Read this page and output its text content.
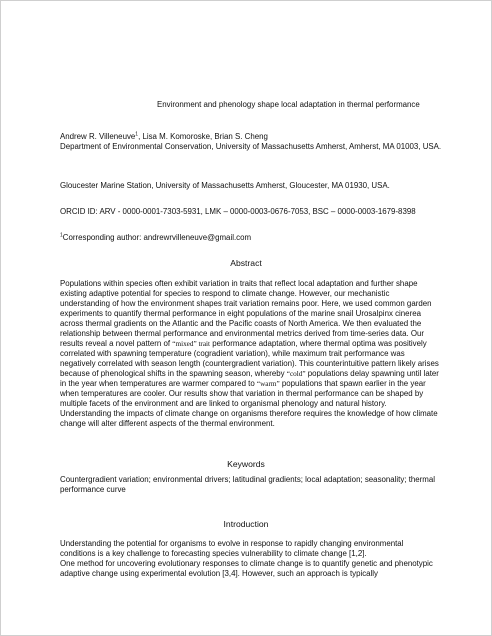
Environment and phenology shape local adaptation in thermal performance
Andrew R. Villeneuve$^1$, Lisa M. Komoroske, Brian S. Cheng
Department of Environmental Conservation, University of Massachusetts Amherst, Amherst, MA 01003, USA.
Gloucester Marine Station, University of Massachusetts Amherst, Gloucester, MA 01930, USA.
ORCID ID: ARV - 0000-0001-7303-5931, LMK – 0000-0003-0676-7053, BSC – 0000-0003-1679-8398
$^1$Corresponding author: andrewrvilleneuve@gmail.com
Abstract
Populations within species often exhibit variation in traits that reflect local adaptation and further shape existing adaptive potential for species to respond to climate change. However, our mechanistic understanding of how the environment shapes trait variation remains poor. Here, we used common garden experiments to quantify thermal performance in eight populations of the marine snail Urosalpinx cinerea across thermal gradients on the Atlantic and the Pacific coasts of North America. We then evaluated the relationship between thermal performance and environmental metrics derived from time-series data. Our results reveal a novel pattern of “mixed” trait performance adaptation, where thermal optima was positively correlated with spawning temperature (cogradient variation), while maximum trait performance was negatively correlated with season length (countergradient variation). This counterintuitive pattern likely arises because of phenological shifts in the spawning season, whereby “cold” populations delay spawning until later in the year when temperatures are warmer compared to “warm” populations that spawn earlier in the year when temperatures are cooler. Our results show that variation in thermal performance can be shaped by multiple facets of the environment and are linked to organismal phenology and natural history. Understanding the impacts of climate change on organisms therefore requires the knowledge of how climate change will alter different aspects of the thermal environment.
Keywords
Countergradient variation; environmental drivers; latitudinal gradients; local adaptation; seasonality; thermal performance curve
Introduction
Understanding the potential for organisms to evolve in response to rapidly changing environmental conditions is a key challenge to forecasting species vulnerability to climate change [1,2].
One method for uncovering evolutionary responses to climate change is to quantify genetic and phenotypic adaptive change using experimental evolution [3,4]. However, such an approach is typically
